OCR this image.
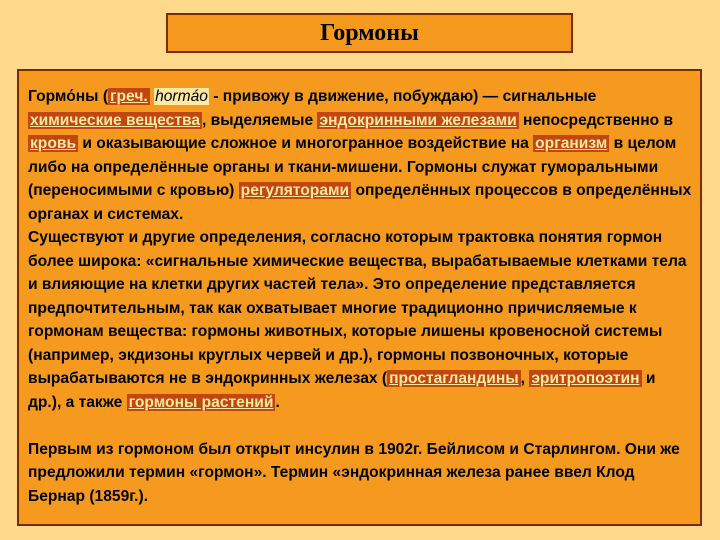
Гормоны

Гормо́ны ( греч. hormáo - привожу в движение, побуждаю) — сигнальные химические вещества , выделяемые эндокринными железами непосредственно в кровь и оказывающие сложное и многогранное воздействие на организм в целом либо на определённые органы и ткани-мишени. Гормоны служат гуморальными (переносимыми с кровью) регуляторами определённых процессов в определённых органах и системах.

Существуют и другие определения, согласно которым трактовка понятия гормон более широка: «сигнальные химические вещества, вырабатываемые клетками тела и влияющие на клетки других частей тела». Это определение представляется предпочтительным, так как охватывает многие традиционно причисляемые к гормонам вещества: гормоны животных, которые лишены кровеносной системы (например, экдизоны круглых червей и др.), гормоны позвоночных, которые вырабатываются не в эндокринных железах ( простагландины , эритропоэтин и др.), а также гормоны растений .

Первым из гормоном был открыт инсулин в 1902г. Бейлисом и Старлингом. Они же предложили термин «гормон». Термин «эндокринная железа ранее ввел Клод Бернар (1859г.).
